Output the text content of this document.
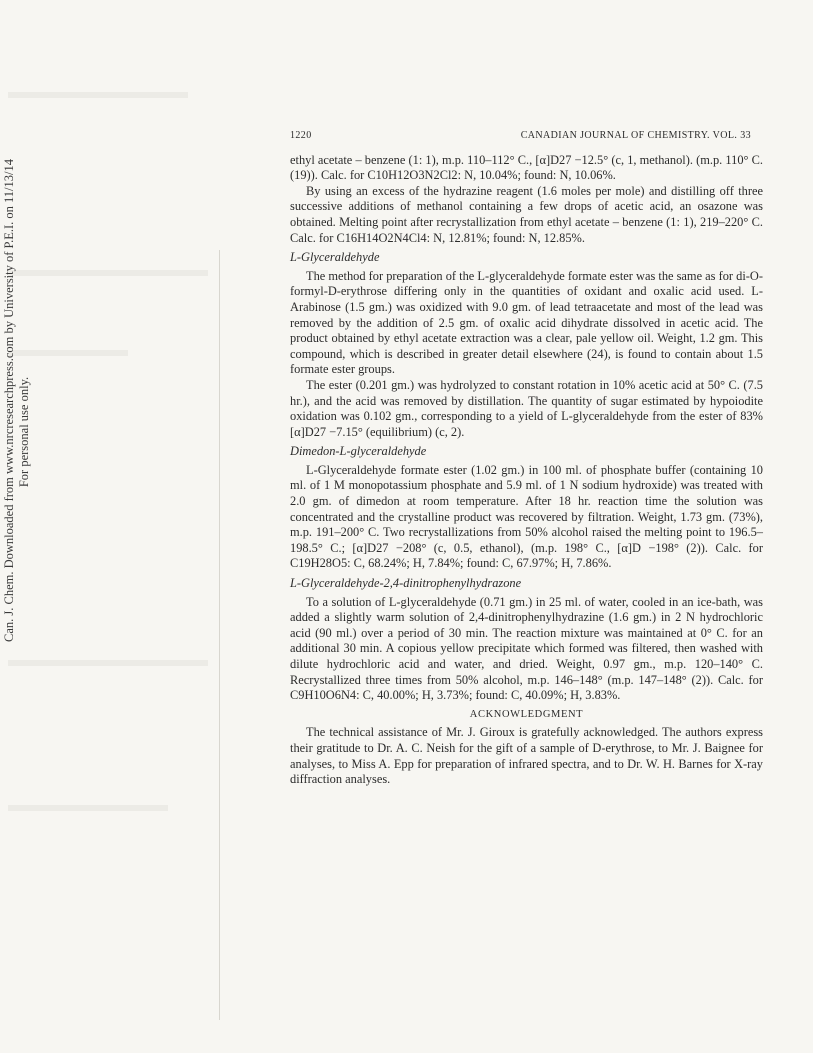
Can. J. Chem. Downloaded from www.nrcresearchpress.com by University of P.E.I. on 11/13/14 For personal use only.
1220	CANADIAN JOURNAL OF CHEMISTRY. VOL. 33

ethyl acetate – benzene (1: 1), m.p. 110–112° C., [α]D27 −12.5° (c, 1, methanol). (m.p. 110° C. (19)). Calc. for C10H12O3N2Cl2: N, 10.04%; found: N, 10.06%.

By using an excess of the hydrazine reagent (1.6 moles per mole) and distilling off three successive additions of methanol containing a few drops of acetic acid, an osazone was obtained. Melting point after recrystallization from ethyl acetate – benzene (1: 1), 219–220° C. Calc. for C16H14O2N4Cl4: N, 12.81%; found: N, 12.85%.

L-Glyceraldehyde

The method for preparation of the L-glyceraldehyde formate ester was the same as for di-O-formyl-D-erythrose differing only in the quantities of oxidant and oxalic acid used. L-Arabinose (1.5 gm.) was oxidized with 9.0 gm. of lead tetraacetate and most of the lead was removed by the addition of 2.5 gm. of oxalic acid dihydrate dissolved in acetic acid. The product obtained by ethyl acetate extraction was a clear, pale yellow oil. Weight, 1.2 gm. This compound, which is described in greater detail elsewhere (24), is found to contain about 1.5 formate ester groups.

The ester (0.201 gm.) was hydrolyzed to constant rotation in 10% acetic acid at 50° C. (7.5 hr.), and the acid was removed by distillation. The quantity of sugar estimated by hypoiodite oxidation was 0.102 gm., corresponding to a yield of L-glyceraldehyde from the ester of 83% [α]D27 −7.15° (equilibrium) (c, 2).

Dimedon-L-glyceraldehyde

L-Glyceraldehyde formate ester (1.02 gm.) in 100 ml. of phosphate buffer (containing 10 ml. of 1 M monopotassium phosphate and 5.9 ml. of 1 N sodium hydroxide) was treated with 2.0 gm. of dimedon at room temperature. After 18 hr. reaction time the solution was concentrated and the crystalline product was recovered by filtration. Weight, 1.73 gm. (73%), m.p. 191–200° C. Two recrystallizations from 50% alcohol raised the melting point to 196.5–198.5° C.; [α]D27 −208° (c, 0.5, ethanol), (m.p. 198° C., [α]D −198° (2)). Calc. for C19H28O5: C, 68.24%; H, 7.84%; found: C, 67.97%; H, 7.86%.

L-Glyceraldehyde-2,4-dinitrophenylhydrazone

To a solution of L-glyceraldehyde (0.71 gm.) in 25 ml. of water, cooled in an ice-bath, was added a slightly warm solution of 2,4-dinitrophenylhydrazine (1.6 gm.) in 2 N hydrochloric acid (90 ml.) over a period of 30 min. The reaction mixture was maintained at 0° C. for an additional 30 min. A copious yellow precipitate which formed was filtered, then washed with dilute hydrochloric acid and water, and dried. Weight, 0.97 gm., m.p. 120–140° C. Recrystallized three times from 50% alcohol, m.p. 146–148° (m.p. 147–148° (2)). Calc. for C9H10O6N4: C, 40.00%; H, 3.73%; found: C, 40.09%; H, 3.83%.

ACKNOWLEDGMENT

The technical assistance of Mr. J. Giroux is gratefully acknowledged. The authors express their gratitude to Dr. A. C. Neish for the gift of a sample of D-erythrose, to Mr. J. Baignee for analyses, to Miss A. Epp for preparation of infrared spectra, and to Dr. W. H. Barnes for X-ray diffraction analyses.
